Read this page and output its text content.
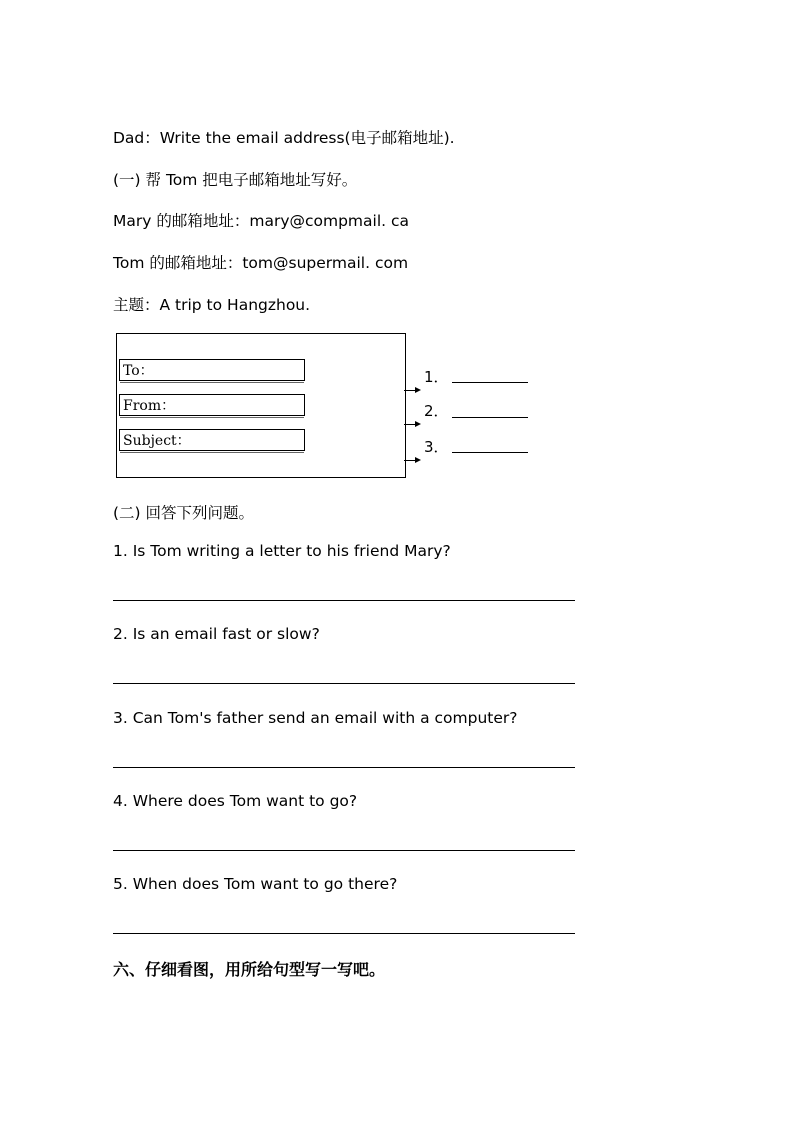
Dad：Write the email address(电子邮箱地址).
(一) 帮 Tom 把电子邮箱地址写好。
Mary 的邮箱地址：mary@compmail. ca
Tom 的邮箱地址：tom@supermail. com
主题：A trip to Hangzhou.
To：
From：
Subject：
1．
2．
3．
(二) 回答下列问题。
1. Is Tom writing a letter to his friend Mary?
2. Is an email fast or slow?
3. Can Tom's father send an email with a computer?
4. Where does Tom want to go?
5. When does Tom want to go there?
六、仔细看图，用所给句型写一写吧。
